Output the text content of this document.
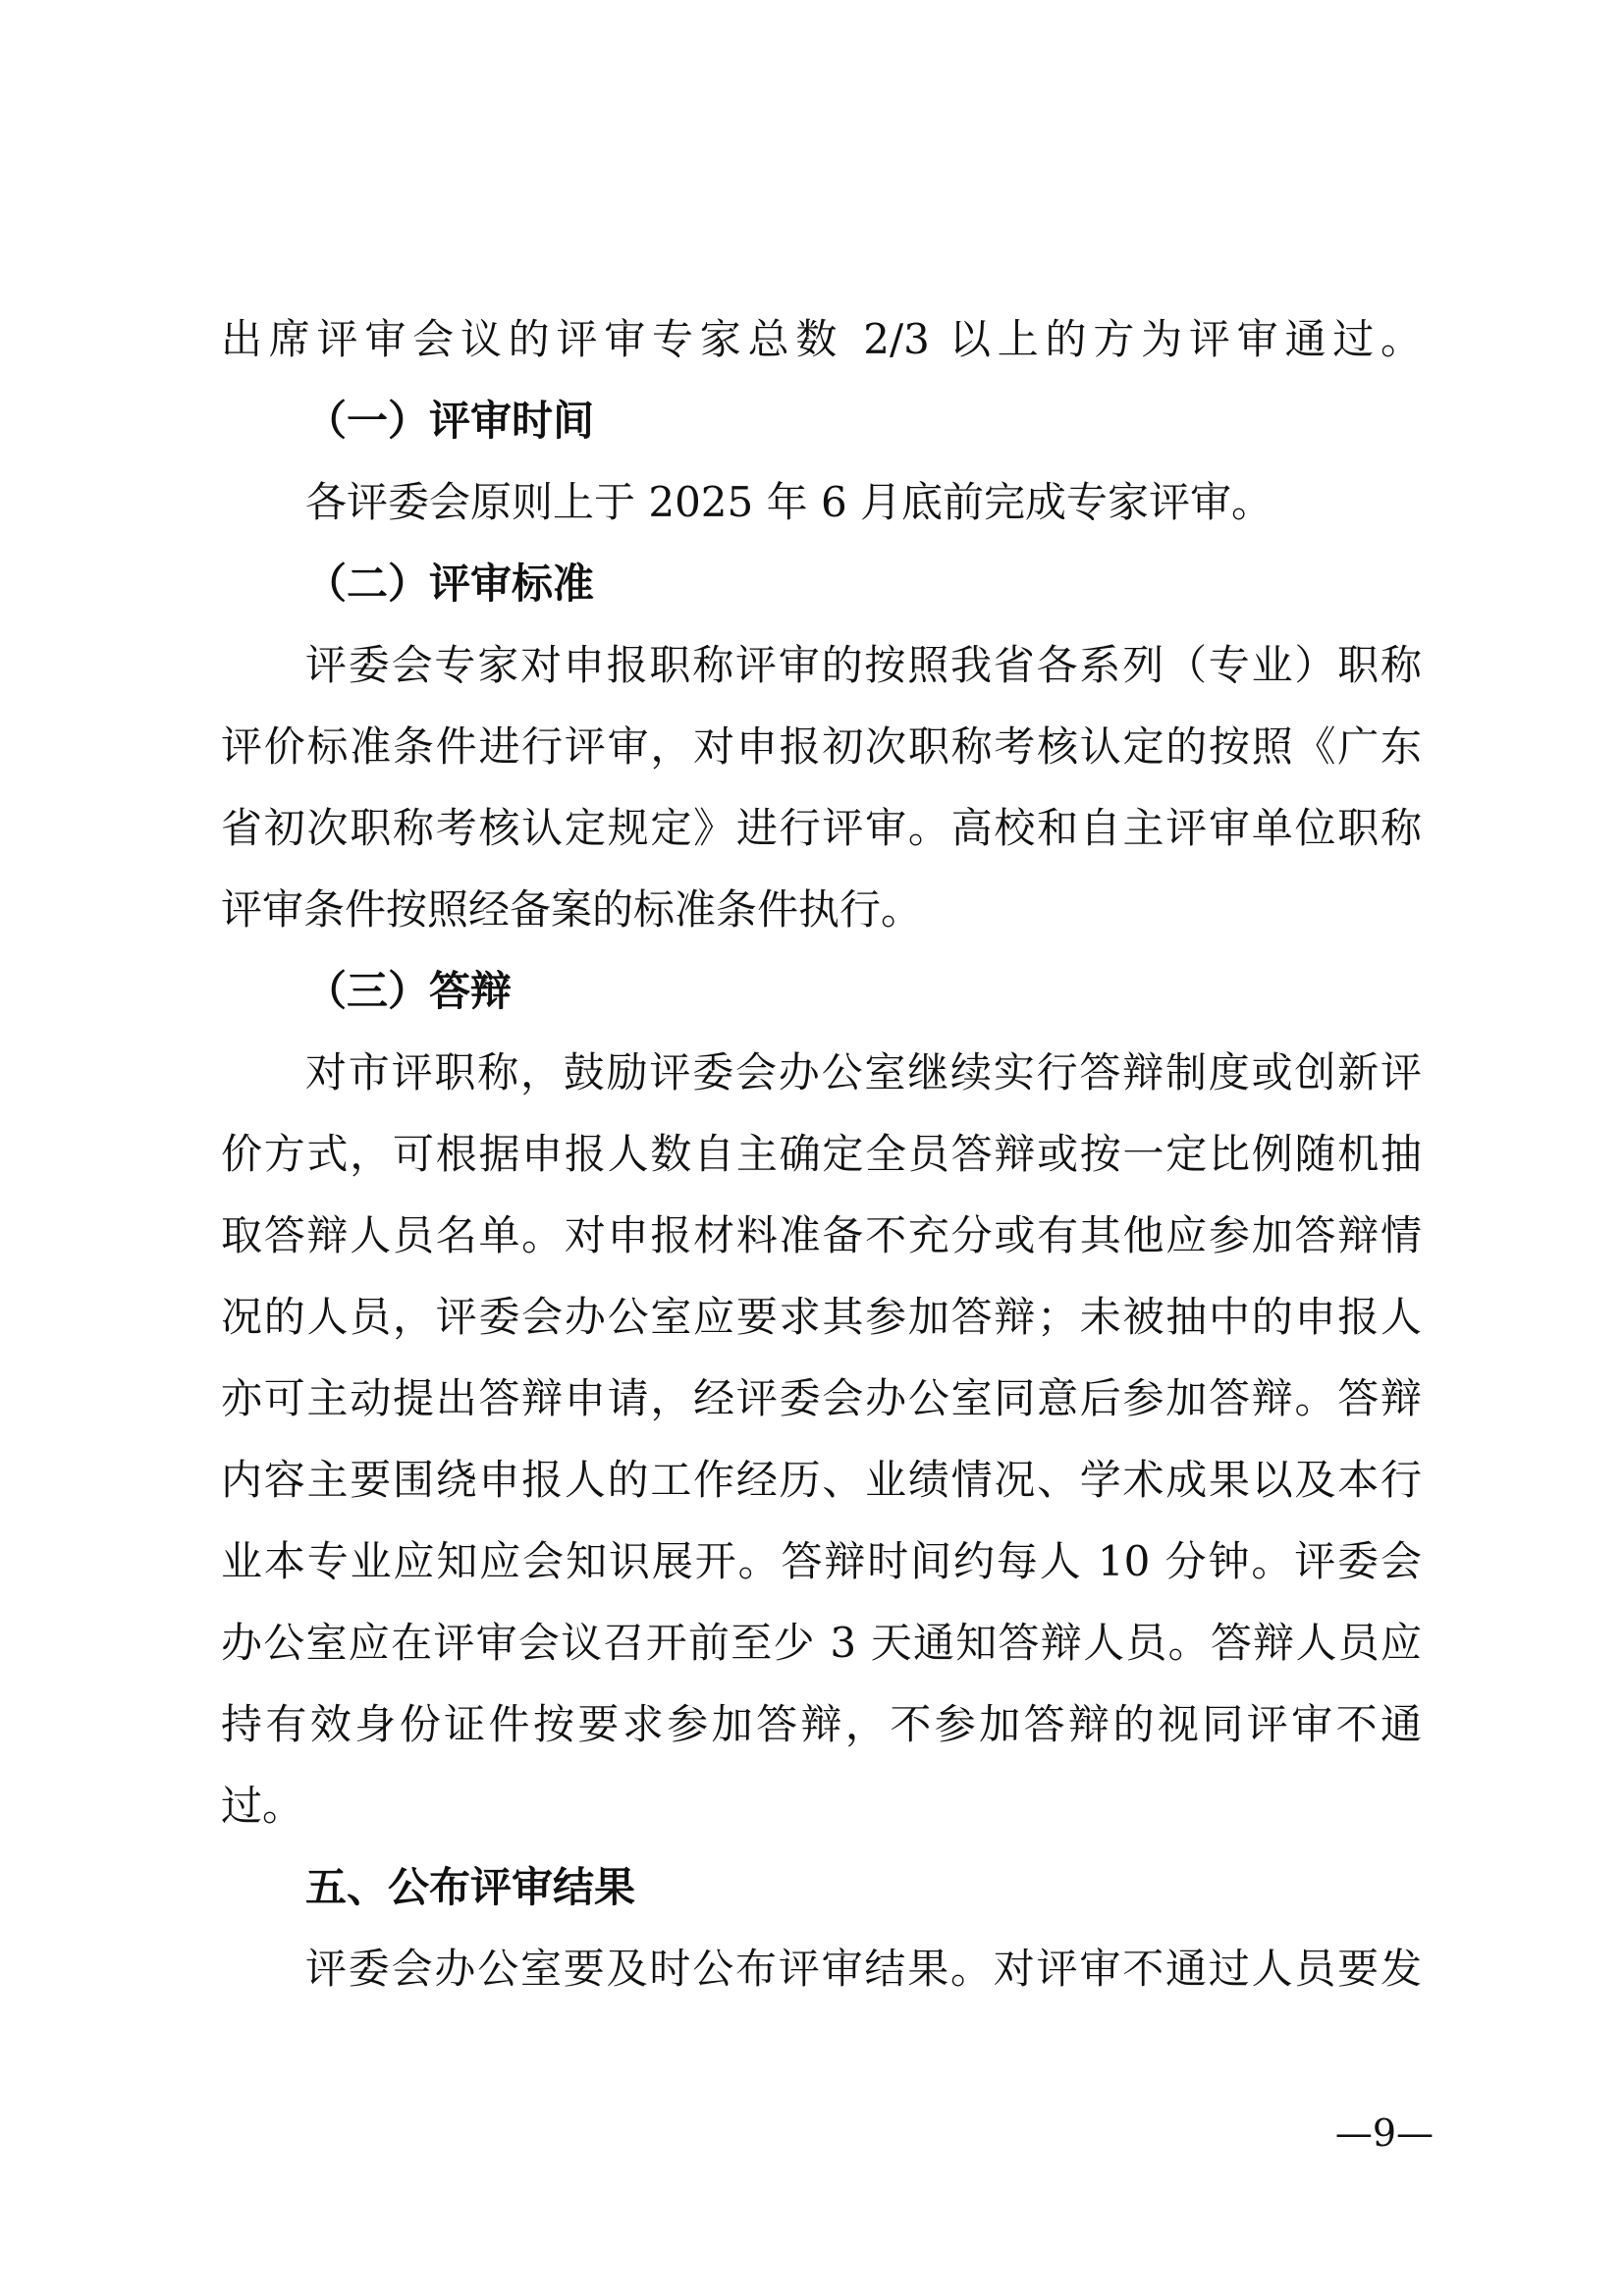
出席评审会议的评审专家总数 2/3 以上的方为评审通过。
（一）评审时间
各评委会原则上于 2025 年 6 月底前完成专家评审。
（二）评审标准
评委会专家对申报职称评审的按照我省各系列（专业）职称
评价标准条件进行评审，对申报初次职称考核认定的按照《广东
省初次职称考核认定规定》进行评审。高校和自主评审单位职称
评审条件按照经备案的标准条件执行。
（三）答辩
对市评职称，鼓励评委会办公室继续实行答辩制度或创新评
价方式，可根据申报人数自主确定全员答辩或按一定比例随机抽
取答辩人员名单。对申报材料准备不充分或有其他应参加答辩情
况的人员，评委会办公室应要求其参加答辩；未被抽中的申报人
亦可主动提出答辩申请，经评委会办公室同意后参加答辩。答辩
内容主要围绕申报人的工作经历、业绩情况、学术成果以及本行
业本专业应知应会知识展开。答辩时间约每人 10 分钟。评委会
办公室应在评审会议召开前至少 3 天通知答辩人员。答辩人员应
持有效身份证件按要求参加答辩，不参加答辩的视同评审不通
过。
五、公布评审结果
评委会办公室要及时公布评审结果。对评审不通过人员要发
—9—
